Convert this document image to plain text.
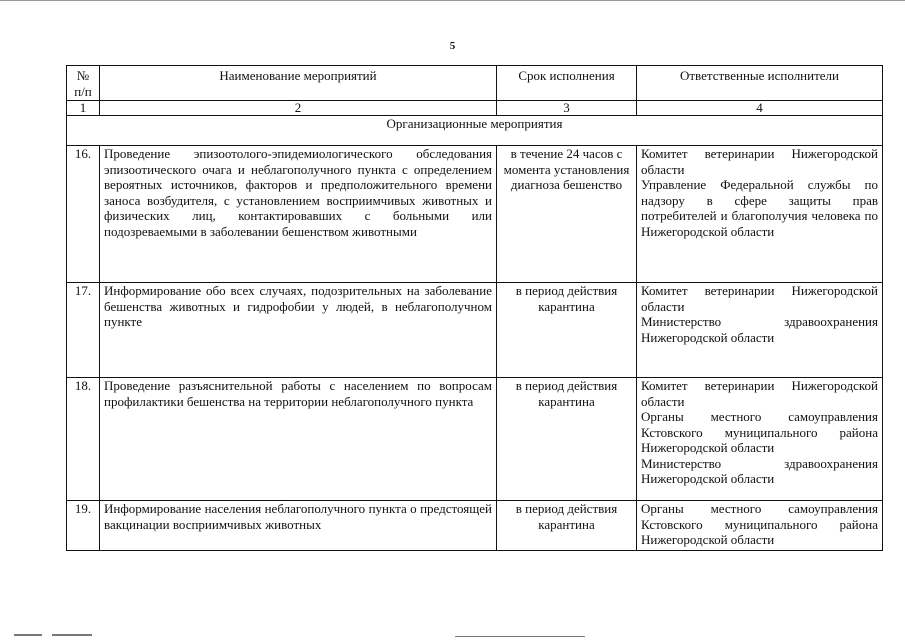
5
№ п/п	Наименование мероприятий	Срок исполнения	Ответственные исполнители
1	2	3	4
Организационные мероприятия			
16.	Проведение эпизоотолого-эпидемиологического обследования эпизоотического очага и неблагополучного пункта с определением вероятных источников, факторов и предположительного времени заноса возбудителя, с установлением восприимчивых животных и физических лиц, контактировавших с больными или подозреваемыми в заболевании бешенством животными	в течение 24 часов с момента установления диагноза бешенство	Комитет ветеринарии Нижегородской области
Управление Федеральной службы по надзору в сфере защиты прав потребителей и благополучия человека по Нижегородской области

17.	Информирование обо всех случаях, подозрительных на заболевание бешенства животных и гидрофобии у людей, в неблагополучном пункте	в период действия карантина	Комитет ветеринарии Нижегородской области
Министерство здравоохранения Нижегородской области

18.	Проведение разъяснительной работы с населением по вопросам профилактики бешенства на территории неблагополучного пункта	в период действия карантина	Комитет ветеринарии Нижегородской области
Органы местного самоуправления Кстовского муниципального района Нижегородской области
Министерство здравоохранения Нижегородской области

19.	Информирование населения неблагополучного пункта о предстоящей вакцинации восприимчивых животных	в период действия карантина	Органы местного самоуправления Кстовского муниципального района Нижегородской области
